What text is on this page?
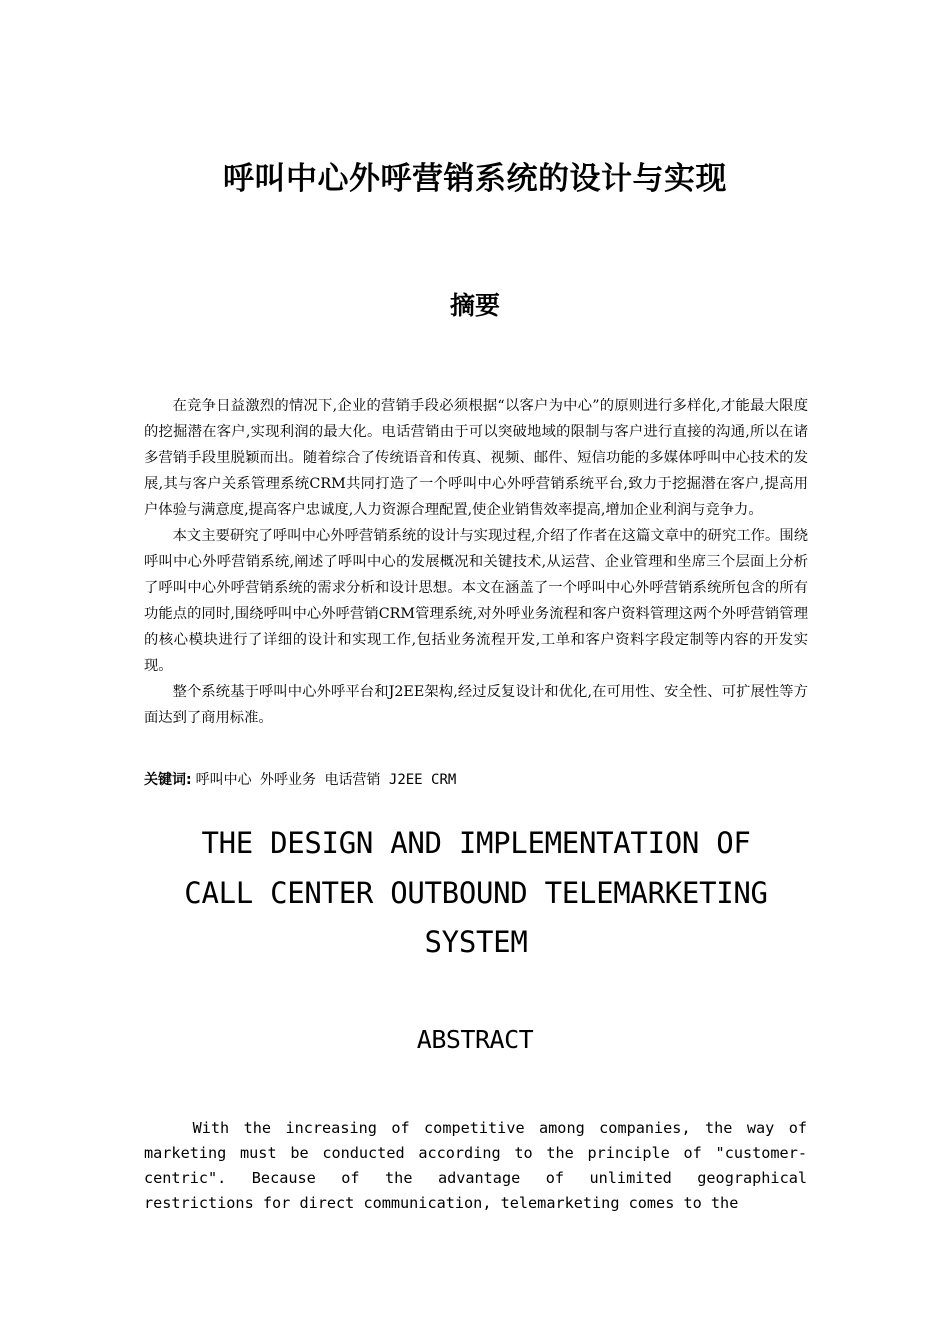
呼叫中心外呼营销系统的设计与实现
摘要

在竞争日益激烈的情况下,企业的营销手段必须根据“以客户为中心”的原则进行多样化,才能最大限度的挖掘潜在客户,实现利润的最大化。电话营销由于可以突破地域的限制与客户进行直接的沟通,所以在诸多营销手段里脱颖而出。随着综合了传统语音和传真、视频、邮件、短信功能的多媒体呼叫中心技术的发展,其与客户关系管理系统CRM共同打造了一个呼叫中心外呼营销系统平台,致力于挖掘潜在客户,提高用户体验与满意度,提高客户忠诚度,人力资源合理配置,使企业销售效率提高,增加企业利润与竞争力。

本文主要研究了呼叫中心外呼营销系统的设计与实现过程,介绍了作者在这篇文章中的研究工作。围绕呼叫中心外呼营销系统,阐述了呼叫中心的发展概况和关键技术,从运营、企业管理和坐席三个层面上分析了呼叫中心外呼营销系统的需求分析和设计思想。本文在涵盖了一个呼叫中心外呼营销系统所包含的所有功能点的同时,围绕呼叫中心外呼营销CRM管理系统,对外呼业务流程和客户资料管理这两个外呼营销管理的核心模块进行了详细的设计和实现工作,包括业务流程开发,工单和客户资料字段定制等内容的开发实现。

整个系统基于呼叫中心外呼平台和J2EE架构,经过反复设计和优化,在可用性、安全性、可扩展性等方面达到了商用标准。

关键词: 呼叫中心 外呼业务 电话营销 J2EE CRM
THE DESIGN AND IMPLEMENTATION OF
CALL CENTER OUTBOUND TELEMARKETING
SYSTEM
ABSTRACT
With the increasing of competitive among companies, the way of marketing must be conducted according to the principle of "customer-centric". Because of the advantage of unlimited geographical restrictions for direct communication, telemarketing comes to the
